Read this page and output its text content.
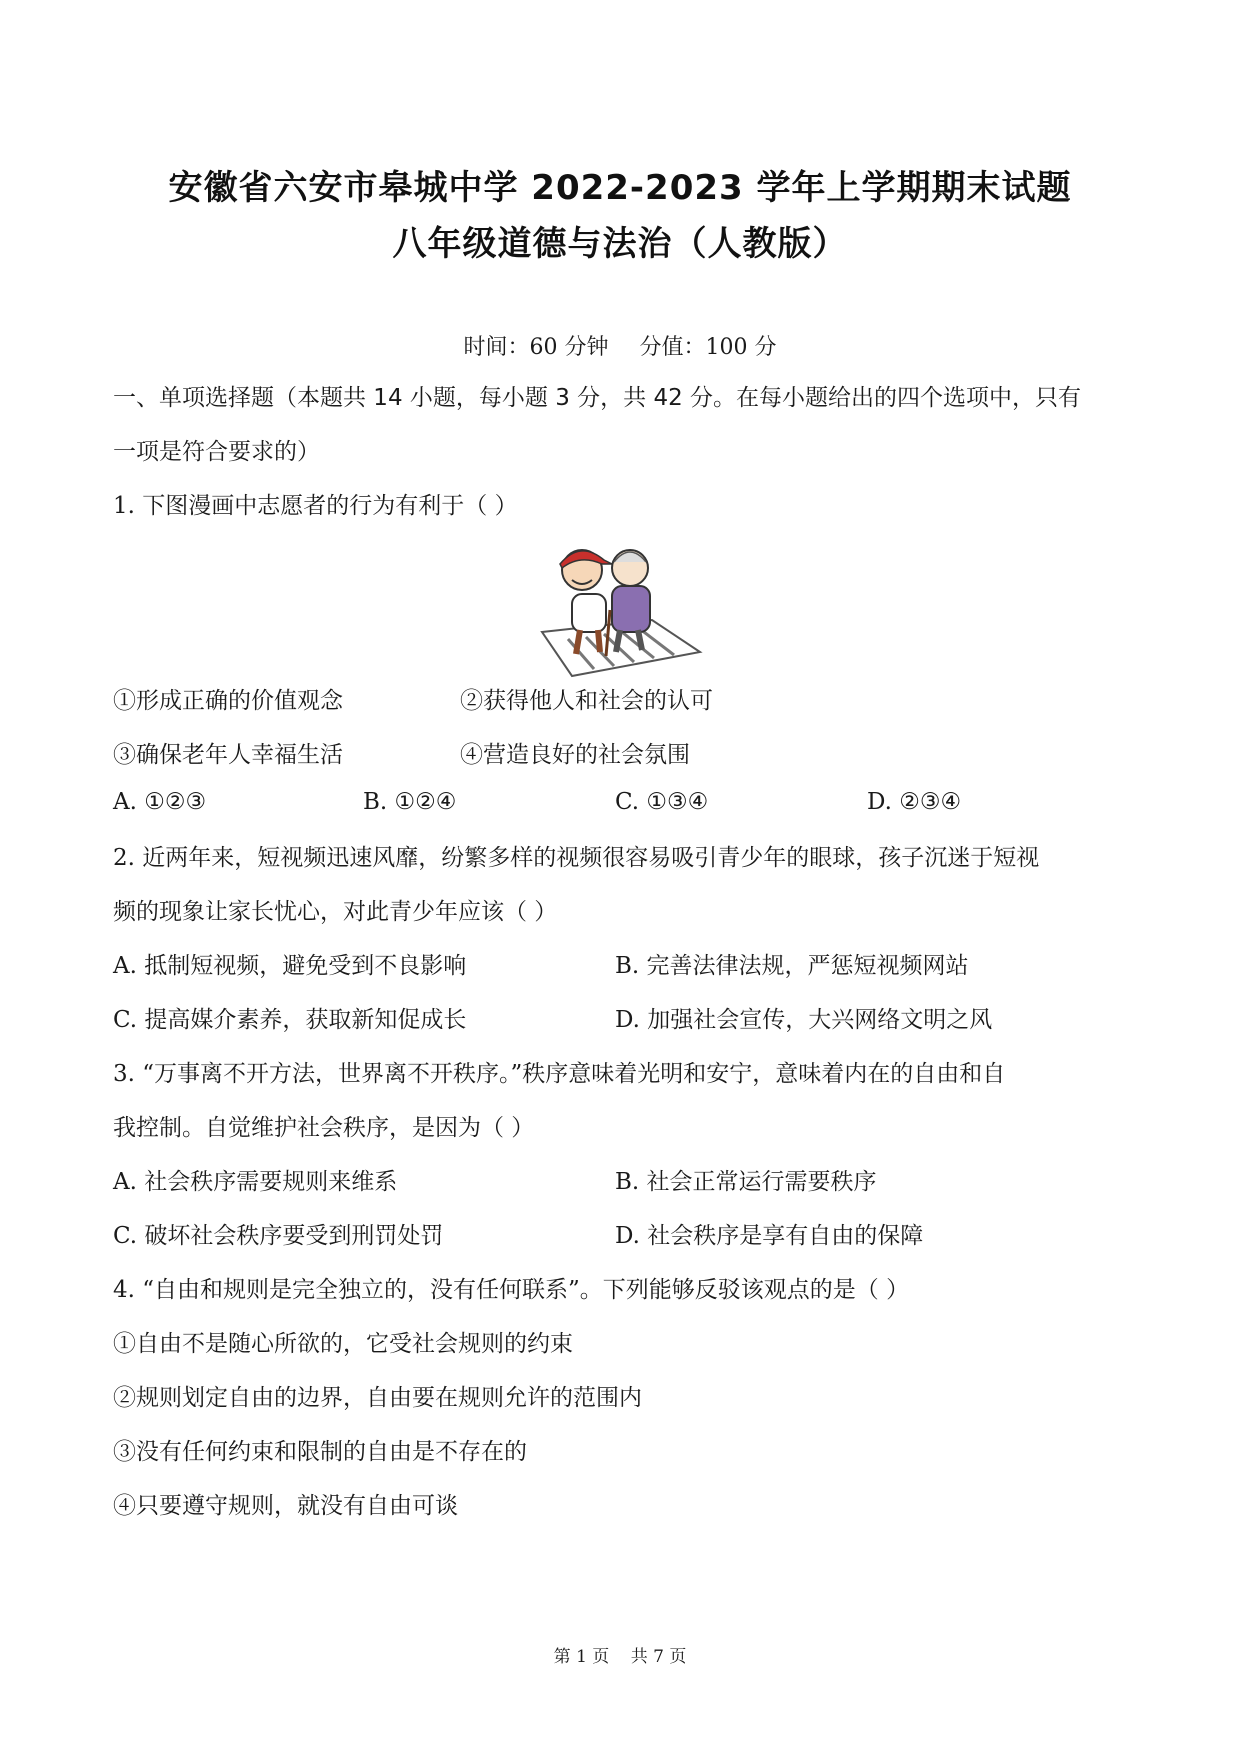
安徽省六安市皋城中学 2022-2023 学年上学期期末试题
八年级道德与法治（人教版）
时间：60 分钟 分值：100 分
一、单项选择题（本题共 14 小题，每小题 3 分，共 42 分。在每小题给出的四个选项中，只有
一项是符合要求的）
1. 下图漫画中志愿者的行为有利于（ ）
①形成正确的价值观念	②获得他人和社会的认可
③确保老年人幸福生活	④营造良好的社会氛围
A. ①②③	B. ①②④	C. ①③④	D. ②③④
2. 近两年来，短视频迅速风靡，纷繁多样的视频很容易吸引青少年的眼球，孩子沉迷于短视
频的现象让家长忧心，对此青少年应该（ ）
A. 抵制短视频，避免受到不良影响	B. 完善法律法规，严惩短视频网站
C. 提高媒介素养，获取新知促成长	D. 加强社会宣传，大兴网络文明之风
3. “万事离不开方法，世界离不开秩序。”秩序意味着光明和安宁，意味着内在的自由和自
我控制。自觉维护社会秩序，是因为（ ）
A. 社会秩序需要规则来维系	B. 社会正常运行需要秩序
C. 破坏社会秩序要受到刑罚处罚	D. 社会秩序是享有自由的保障
4. “自由和规则是完全独立的，没有任何联系”。下列能够反驳该观点的是（ ）
①自由不是随心所欲的，它受社会规则的约束
②规则划定自由的边界，自由要在规则允许的范围内
③没有任何约束和限制的自由是不存在的
④只要遵守规则，就没有自由可谈
第 1 页 共 7 页
